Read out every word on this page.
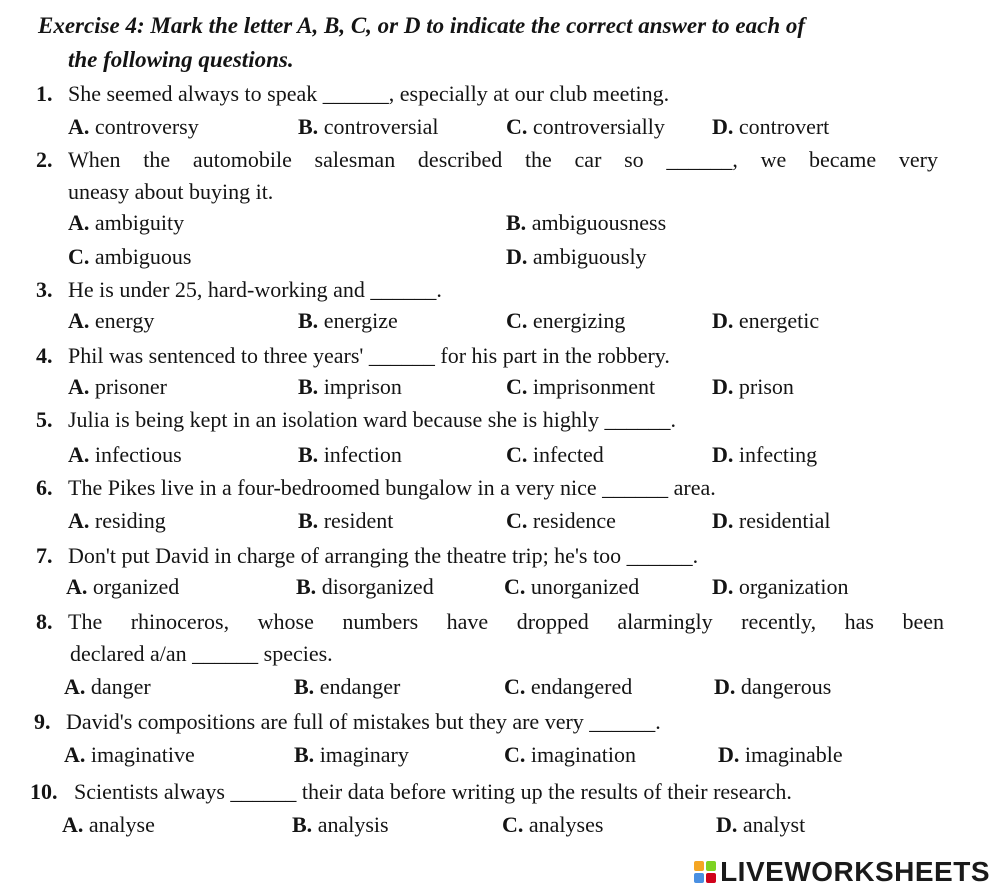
Exercise 4: Mark the letter A, B, C, or D to indicate the correct answer to each of
the following questions.
1. She seemed always to speak ______, especially at our club meeting.
A. controversy	B. controversial	C. controversially D. controvert
2. When the automobile salesman described the car so ______, we became very
uneasy about buying it.
A. ambiguity	B. ambiguousness
C. ambiguous	D. ambiguously
3. He is under 25, hard-working and ______.
A. energy	B. energize	C. energizing	D. energetic
4. Phil was sentenced to three years' ______ for his part in the robbery.
A. prisoner	B. imprison	C. imprisonment	D. prison
5. Julia is being kept in an isolation ward because she is highly ______.
A. infectious	B. infection	C. infected	D. infecting
6. The Pikes live in a four-bedroomed bungalow in a very nice ______ area.
A. residing	B. resident	C. residence	D. residential
7. Don't put David in charge of arranging the theatre trip; he's too ______.
A. organized	B. disorganized	C. unorganized	D. organization
8. The rhinoceros, whose numbers have dropped alarmingly recently, has been
declared a/an ______ species.
A. danger	B. endanger	C. endangered	D. dangerous
9. David's compositions are full of mistakes but they are very ______.
A. imaginative	B. imaginary	C. imagination	D. imaginable
10. Scientists always ______ their data before writing up the results of their research.
A. analyse	B. analysis	C. analyses	D. analyst
LIVEWORKSHEETS
